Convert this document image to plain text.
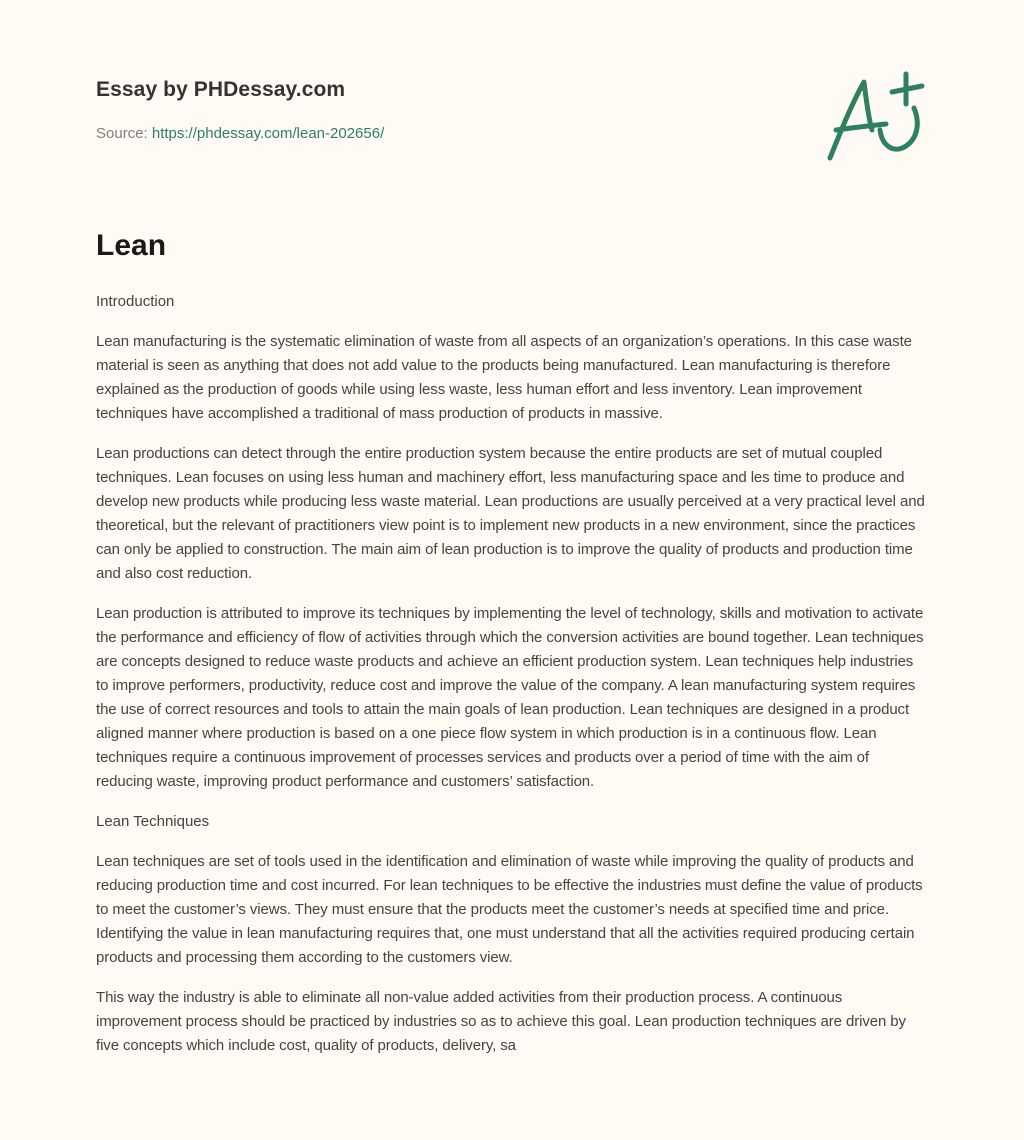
Essay by PHDessay.com
Source: https://phdessay.com/lean-202656/
Lean

Introduction

Lean manufacturing is the systematic elimination of waste from all aspects of an organization’s operations. In this case waste material is seen as anything that does not add value to the products being manufactured. Lean manufacturing is therefore explained as the production of goods while using less waste, less human effort and less inventory. Lean improvement techniques have accomplished a traditional of mass production of products in massive.

Lean productions can detect through the entire production system because the entire products are set of mutual coupled techniques. Lean focuses on using less human and machinery effort, less manufacturing space and les time to produce and develop new products while producing less waste material. Lean productions are usually perceived at a very practical level and theoretical, but the relevant of practitioners view point is to implement new products in a new environment, since the practices can only be applied to construction. The main aim of lean production is to improve the quality of products and production time and also cost reduction.

Lean production is attributed to improve its techniques by implementing the level of technology, skills and motivation to activate the performance and efficiency of flow of activities through which the conversion activities are bound together. Lean techniques are concepts designed to reduce waste products and achieve an efficient production system. Lean techniques help industries to improve performers, productivity, reduce cost and improve the value of the company. A lean manufacturing system requires the use of correct resources and tools to attain the main goals of lean production. Lean techniques are designed in a product aligned manner where production is based on a one piece flow system in which production is in a continuous flow. Lean techniques require a continuous improvement of processes services and products over a period of time with the aim of reducing waste, improving product performance and customers’ satisfaction.

Lean Techniques

Lean techniques are set of tools used in the identification and elimination of waste while improving the quality of products and reducing production time and cost incurred. For lean techniques to be effective the industries must define the value of products to meet the customer’s views. They must ensure that the products meet the customer’s needs at specified time and price. Identifying the value in lean manufacturing requires that, one must understand that all the activities required producing certain products and processing them according to the customers view.

This way the industry is able to eliminate all non-value added activities from their production process. A continuous improvement process should be practiced by industries so as to achieve this goal. Lean production techniques are driven by five concepts which include cost, quality of products, delivery, sa
